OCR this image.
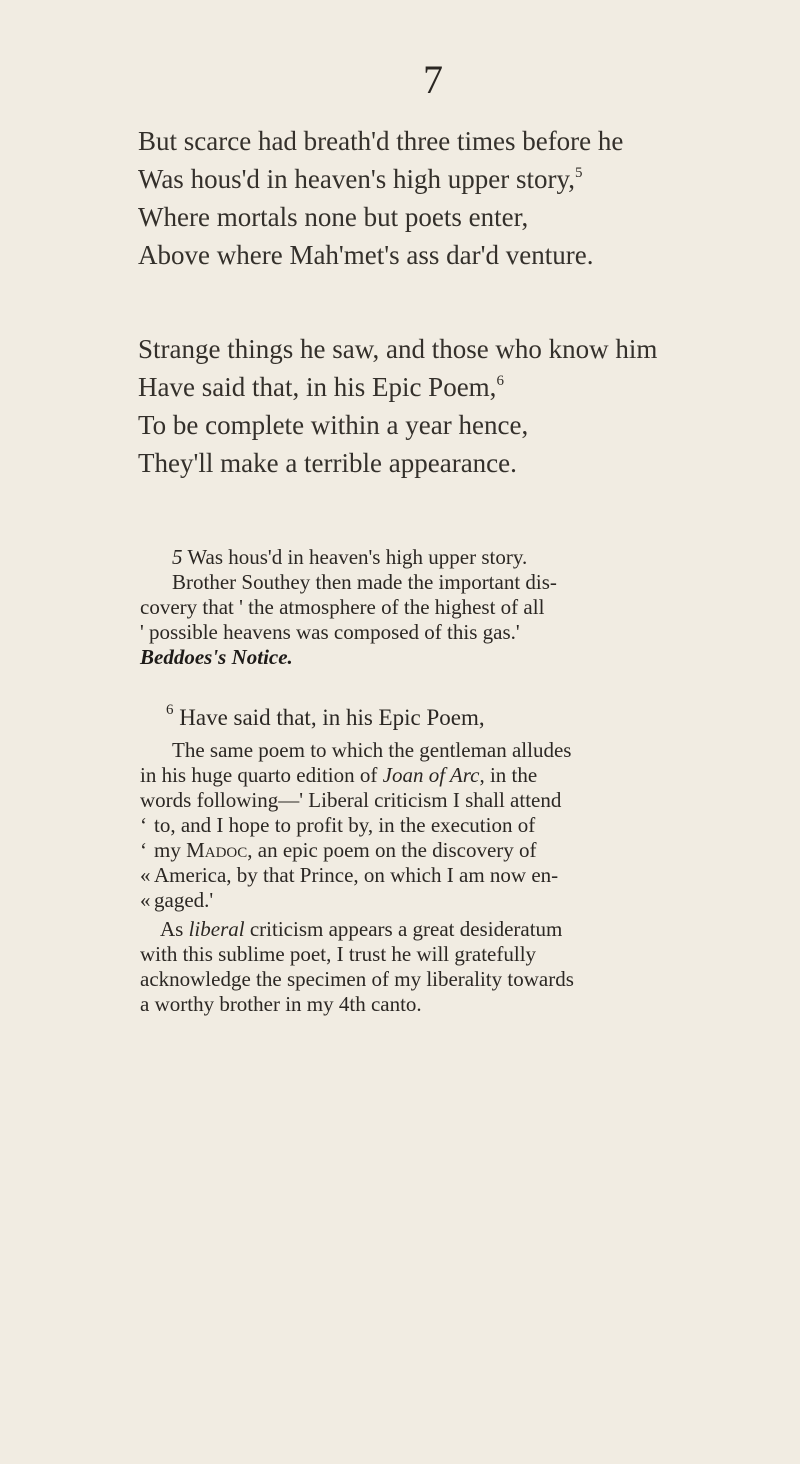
7
But scarce had breath'd three times before he
Was hous'd in heaven's high upper story,$^5$
Where mortals none but poets enter,
Above where Mah'met's ass dar'd venture.
Strange things he saw, and those who know him
Have said that, in his Epic Poem,$^6$
To be complete within a year hence,
They'll make a terrible appearance.
5 Was hous'd in heaven's high upper story.
Brother Southey then made the important dis-
covery that ' the atmosphere of the highest of all
' possible heavens was composed of this gas.'
Beddoes's Notice.
$^6$ Have said that, in his Epic Poem,
The same poem to which the gentleman alludes
in his huge quarto edition of Joan of Arc, in the
words following—' Liberal criticism I shall attend
‘ to, and I hope to profit by, in the execution of
‘ my Madoc, an epic poem on the discovery of
« America, by that Prince, on which I am now en-
« gaged.'
As liberal criticism appears a great desideratum
with this sublime poet, I trust he will gratefully
acknowledge the specimen of my liberality towards
a worthy brother in my 4th canto.
